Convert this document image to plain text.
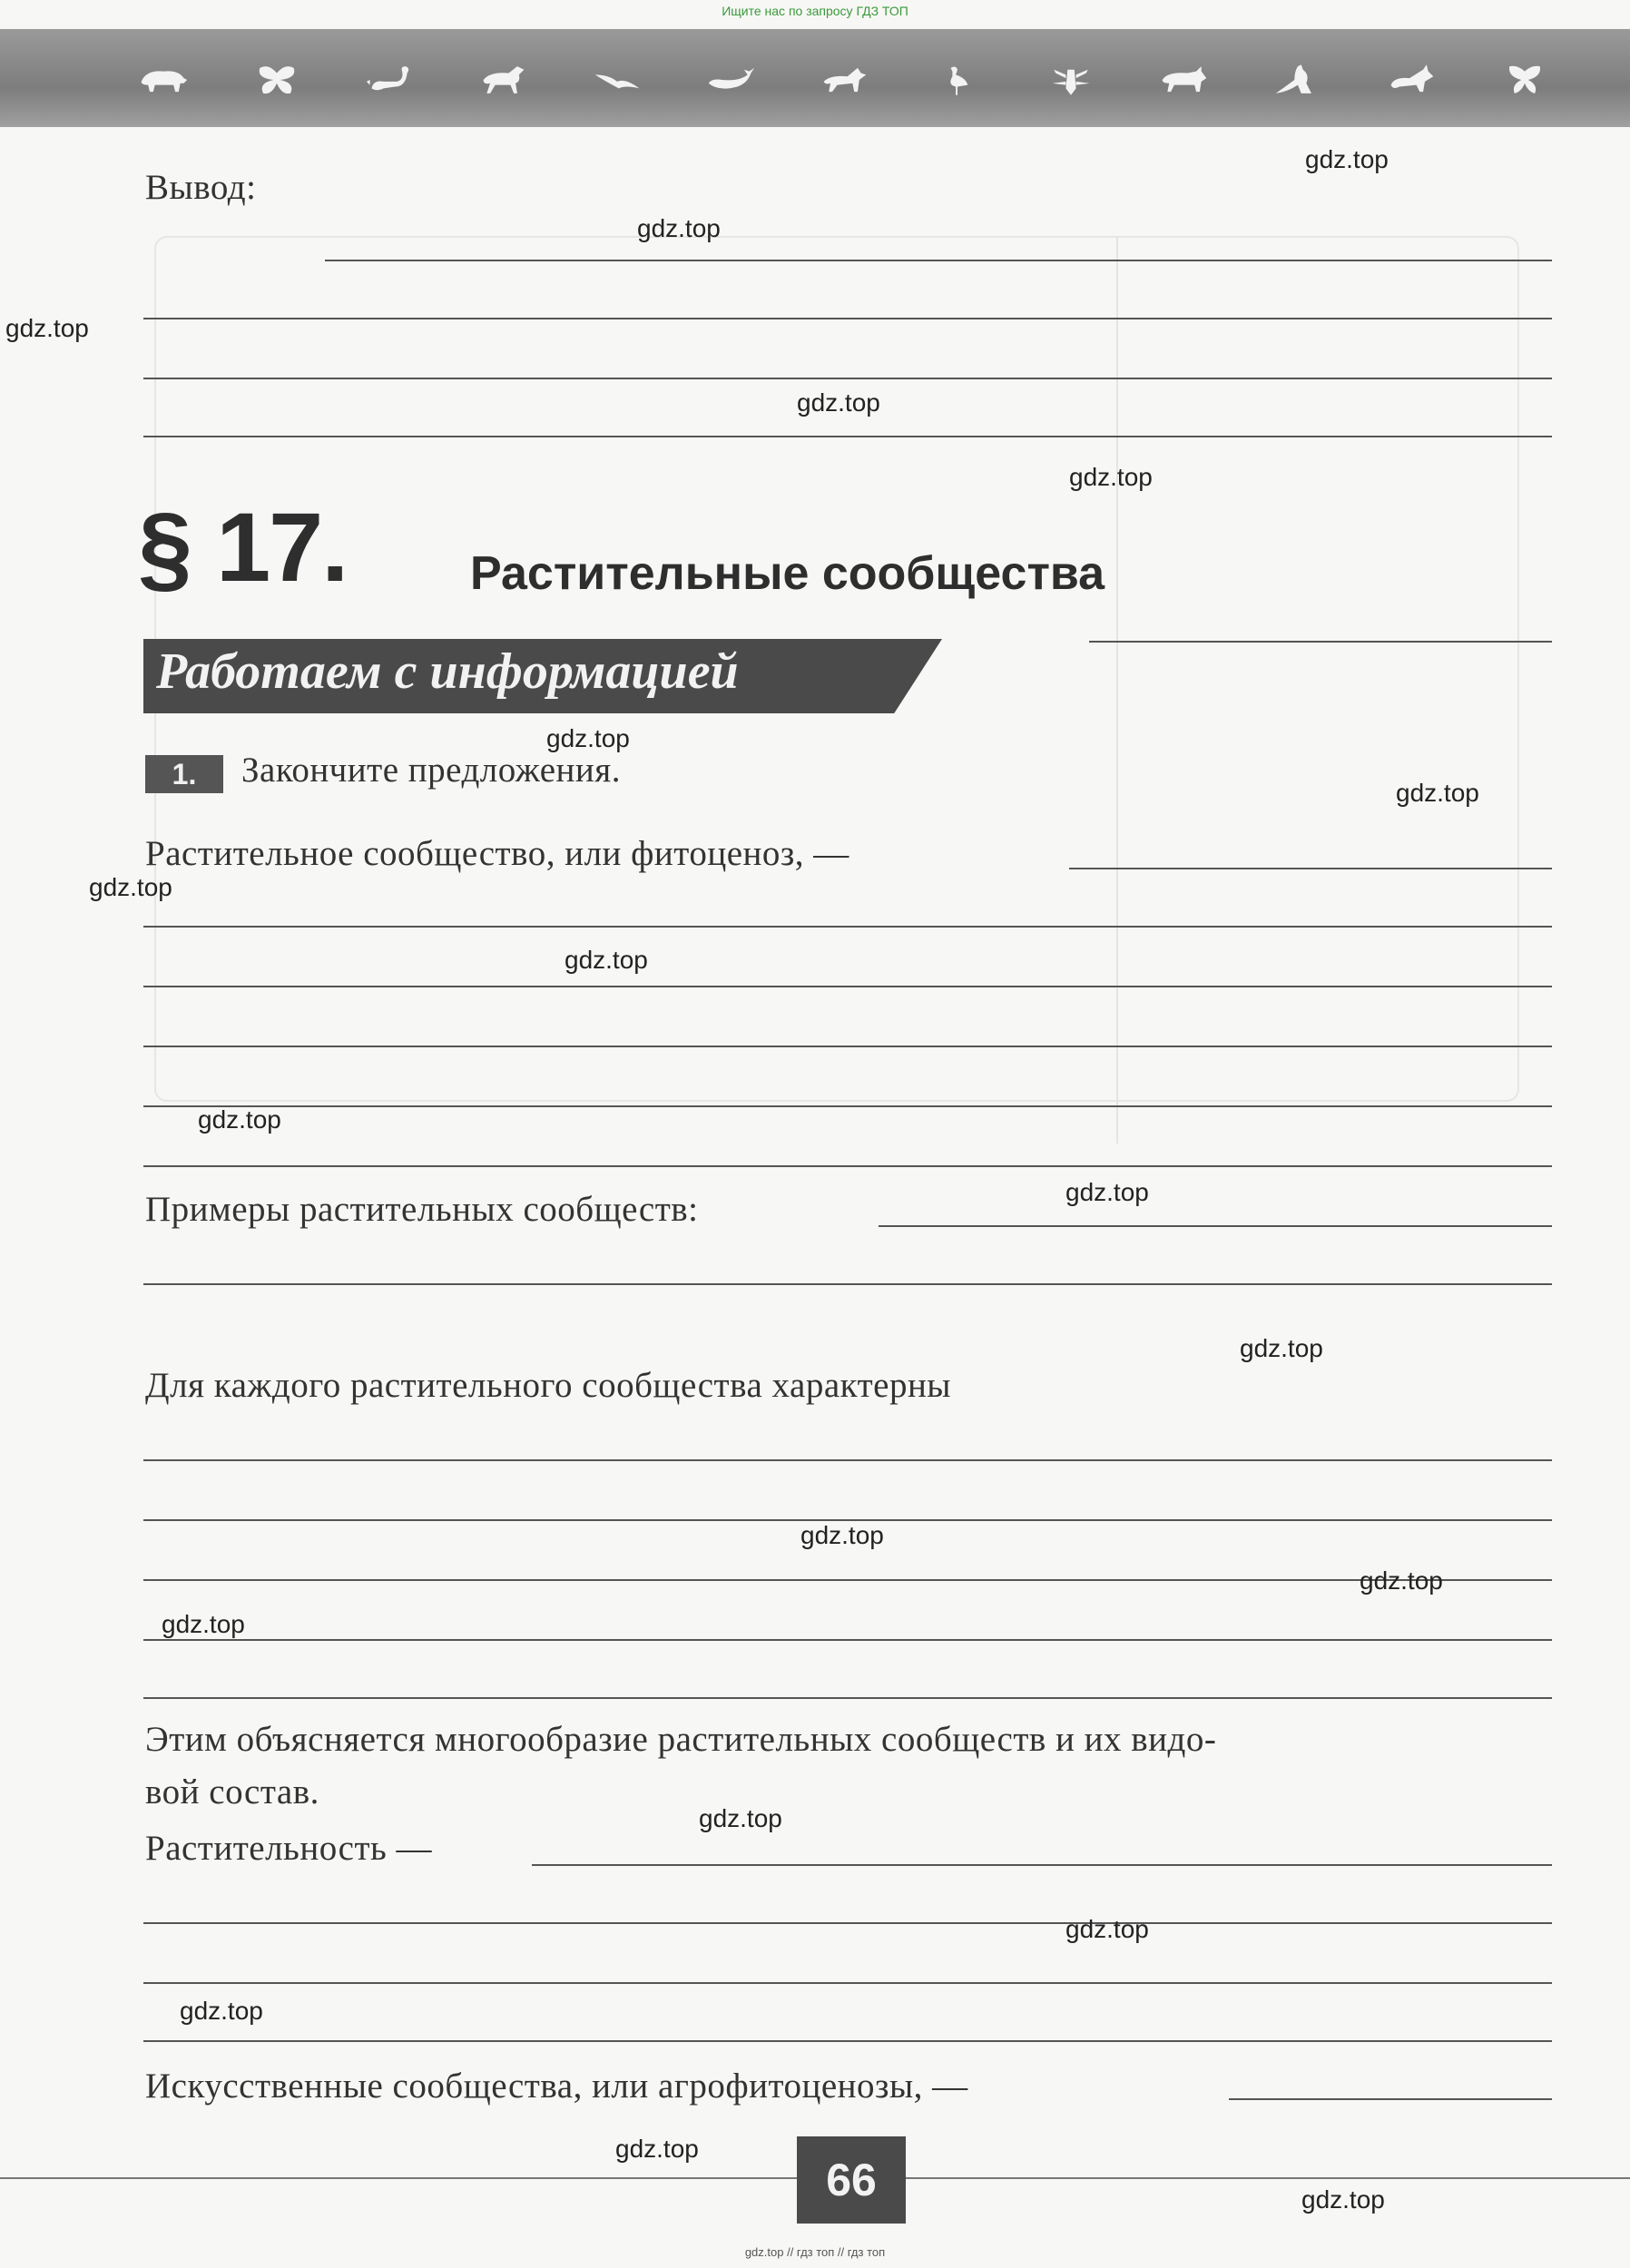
Ищите нас по запросу ГДЗ ТОП
Вывод:
§ 17.	Растительные сообщества
Работаем с информацией
1.	Закончите предложения.
Растительное сообщество, или фитоценоз, —
Примеры растительных сообществ:
Для каждого растительного сообщества характерны
Этим объясняется многообразие растительных сообществ и их видо-
вой состав.
Растительность —
Искусственные сообщества, или агрофитоценозы, —
66
gdz.top // гдз топ // гдз топ
gdz.top
gdz.top
gdz.top
gdz.top
gdz.top
gdz.top
gdz.top
gdz.top
gdz.top
gdz.top
gdz.top
gdz.top
gdz.top
gdz.top
gdz.top
gdz.top
gdz.top
gdz.top
gdz.top
gdz.top
